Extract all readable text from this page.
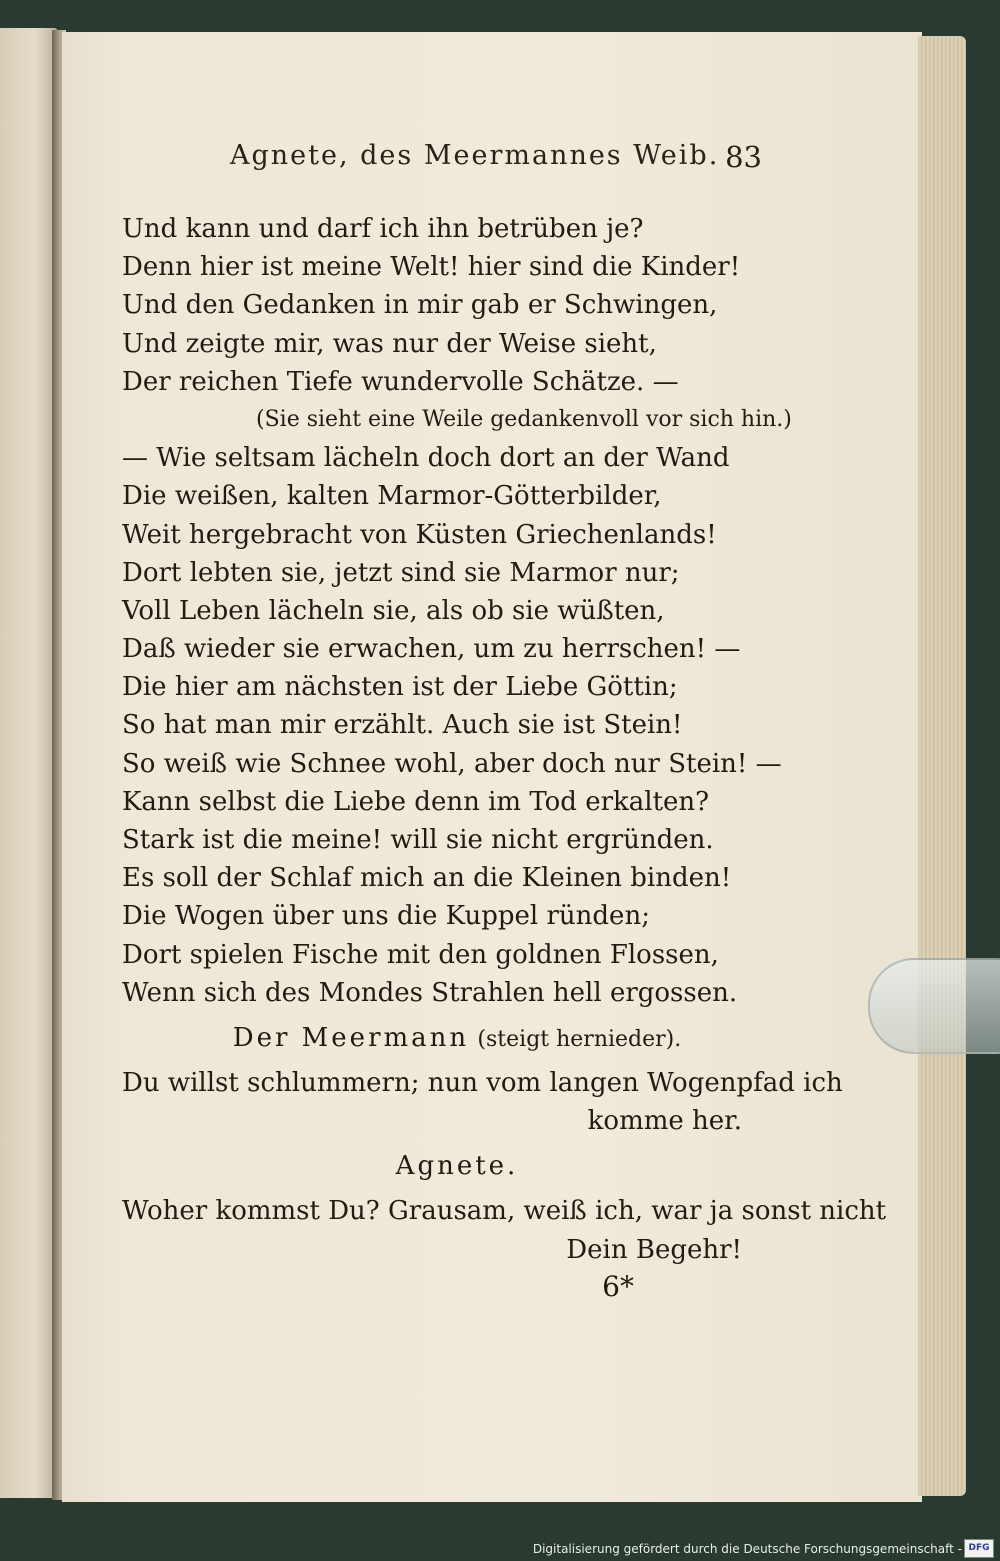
Agnete, des Meermannes Weib. 83
Und kann und darf ich ihn betrüben je?
Denn hier ist meine Welt! hier sind die Kinder!
Und den Gedanken in mir gab er Schwingen,
Und zeigte mir, was nur der Weise sieht,
Der reichen Tiefe wundervolle Schätze. —
(Sie sieht eine Weile gedankenvoll vor sich hin.)
— Wie seltsam lächeln doch dort an der Wand
Die weißen, kalten Marmor-Götterbilder,
Weit hergebracht von Küsten Griechenlands!
Dort lebten sie, jetzt sind sie Marmor nur;
Voll Leben lächeln sie, als ob sie wüßten,
Daß wieder sie erwachen, um zu herrschen! —
Die hier am nächsten ist der Liebe Göttin;
So hat man mir erzählt. Auch sie ist Stein!
So weiß wie Schnee wohl, aber doch nur Stein! —
Kann selbst die Liebe denn im Tod erkalten?
Stark ist die meine! will sie nicht ergründen.
Es soll der Schlaf mich an die Kleinen binden!
Die Wogen über uns die Kuppel ründen;
Dort spielen Fische mit den goldnen Flossen,
Wenn sich des Mondes Strahlen hell ergossen.
Der Meermann (steigt hernieder).
Du willst schlummern; nun vom langen Wogenpfad ich
komme her.
Agnete.
Woher kommst Du? Grausam, weiß ich, war ja sonst nicht
Dein Begehr!
6*
Digitalisierung gefördert durch die Deutsche Forschungsgemeinschaft - DFG
